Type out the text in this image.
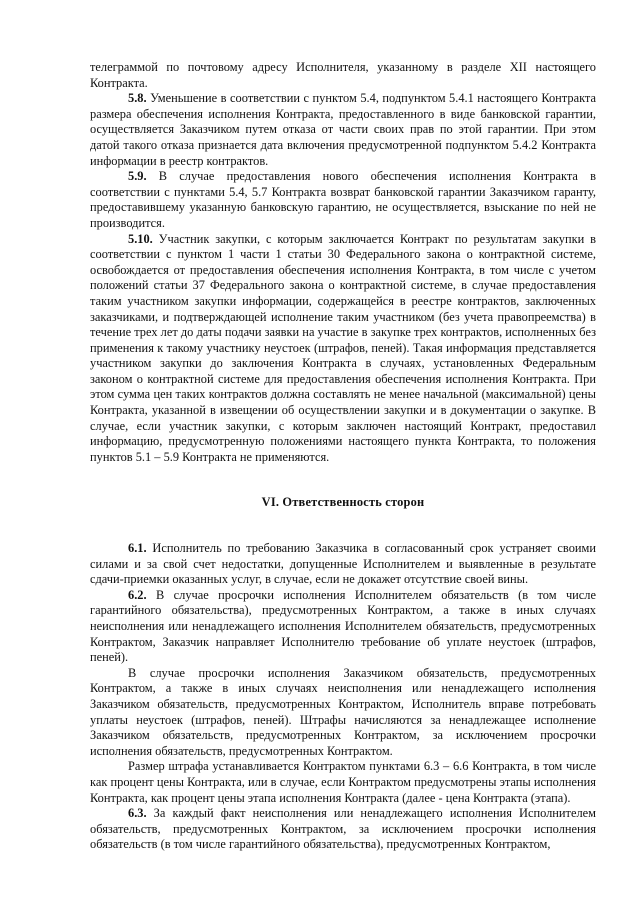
телеграммой по почтовому адресу Исполнителя, указанному в разделе XII настоящего Контракта.

5.8. Уменьшение в соответствии с пунктом 5.4, подпунктом 5.4.1 настоящего Контракта размера обеспечения исполнения Контракта, предоставленного в виде банковской гарантии, осуществляется Заказчиком путем отказа от части своих прав по этой гарантии. При этом датой такого отказа признается дата включения предусмотренной подпунктом 5.4.2 Контракта информации в реестр контрактов.

5.9. В случае предоставления нового обеспечения исполнения Контракта в соответствии с пунктами 5.4, 5.7 Контракта возврат банковской гарантии Заказчиком гаранту, предоставившему указанную банковскую гарантию, не осуществляется, взыскание по ней не производится.

5.10. Участник закупки, с которым заключается Контракт по результатам закупки в соответствии с пунктом 1 части 1 статьи 30 Федерального закона о контрактной системе, освобождается от предоставления обеспечения исполнения Контракта, в том числе с учетом положений статьи 37 Федерального закона о контрактной системе, в случае предоставления таким участником закупки информации, содержащейся в реестре контрактов, заключенных заказчиками, и подтверждающей исполнение таким участником (без учета правопреемства) в течение трех лет до даты подачи заявки на участие в закупке трех контрактов, исполненных без применения к такому участнику неустоек (штрафов, пеней). Такая информация представляется участником закупки до заключения Контракта в случаях, установленных Федеральным законом о контрактной системе для предоставления обеспечения исполнения Контракта. При этом сумма цен таких контрактов должна составлять не менее начальной (максимальной) цены Контракта, указанной в извещении об осуществлении закупки и в документации о закупке. В случае, если участник закупки, с которым заключен настоящий Контракт, предоставил информацию, предусмотренную положениями настоящего пункта Контракта, то положения пунктов 5.1 – 5.9 Контракта не применяются.

VI. Ответственность сторон

6.1. Исполнитель по требованию Заказчика в согласованный срок устраняет своими силами и за свой счет недостатки, допущенные Исполнителем и выявленные в результате сдачи-приемки оказанных услуг, в случае, если не докажет отсутствие своей вины.

6.2. В случае просрочки исполнения Исполнителем обязательств (в том числе гарантийного обязательства), предусмотренных Контрактом, а также в иных случаях неисполнения или ненадлежащего исполнения Исполнителем обязательств, предусмотренных Контрактом, Заказчик направляет Исполнителю требование об уплате неустоек (штрафов, пеней).

В случае просрочки исполнения Заказчиком обязательств, предусмотренных Контрактом, а также в иных случаях неисполнения или ненадлежащего исполнения Заказчиком обязательств, предусмотренных Контрактом, Исполнитель вправе потребовать уплаты неустоек (штрафов, пеней). Штрафы начисляются за ненадлежащее исполнение Заказчиком обязательств, предусмотренных Контрактом, за исключением просрочки исполнения обязательств, предусмотренных Контрактом.

Размер штрафа устанавливается Контрактом пунктами 6.3 – 6.6 Контракта, в том числе как процент цены Контракта, или в случае, если Контрактом предусмотрены этапы исполнения Контракта, как процент цены этапа исполнения Контракта (далее - цена Контракта (этапа).

6.3. За каждый факт неисполнения или ненадлежащего исполнения Исполнителем обязательств, предусмотренных Контрактом, за исключением просрочки исполнения обязательств (в том числе гарантийного обязательства), предусмотренных Контрактом,
